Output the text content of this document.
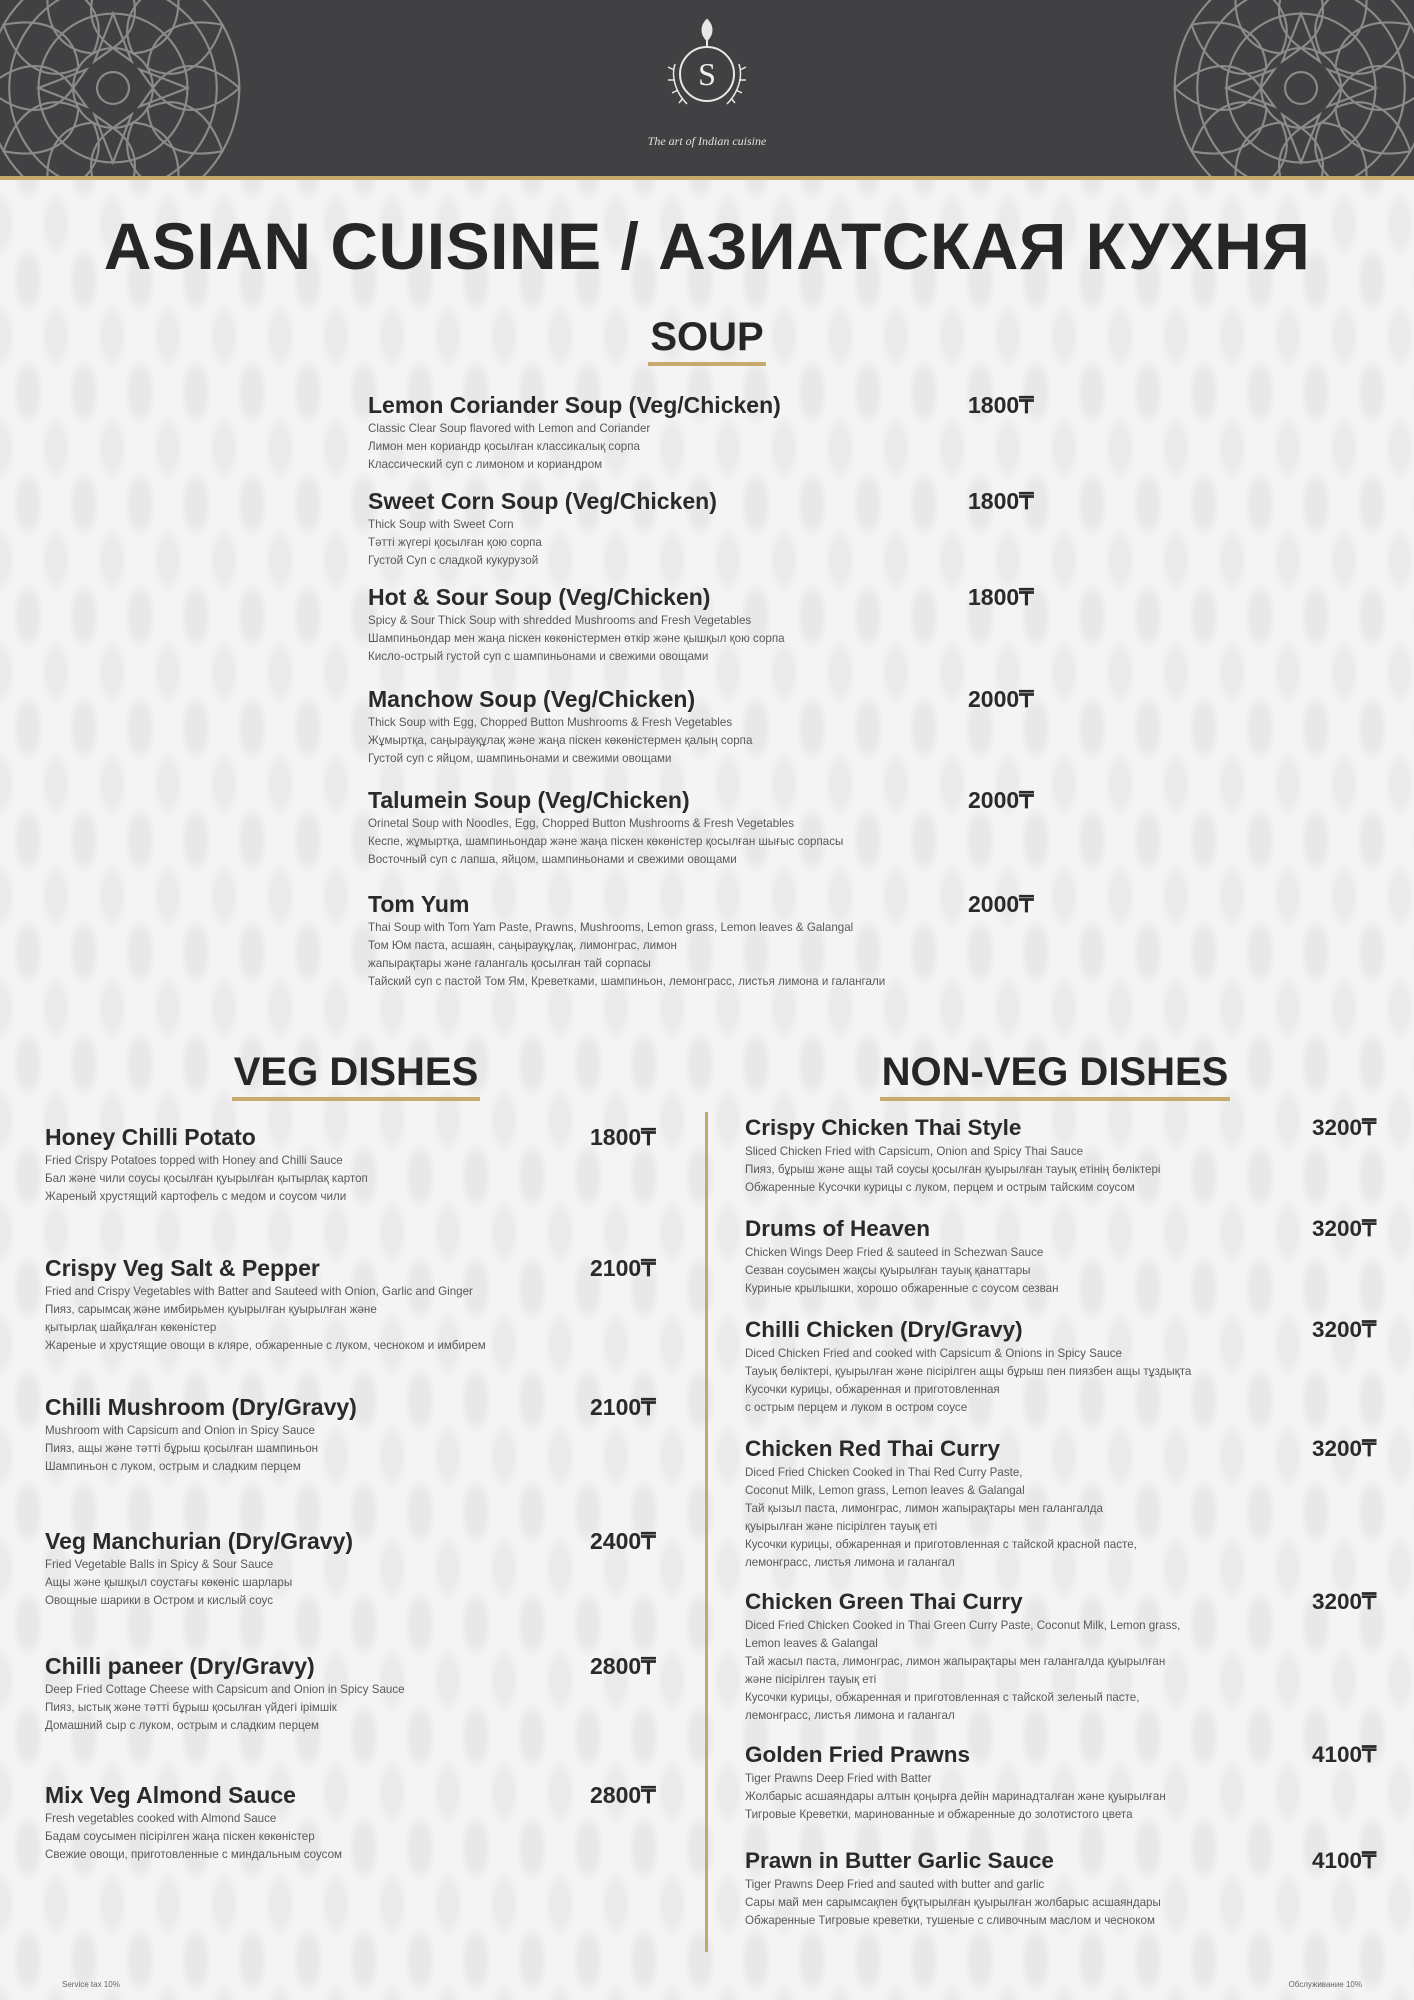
S
The art of Indian cuisine
ASIAN CUISINE / АЗИАТСКАЯ КУХНЯ
SOUP
Lemon Coriander Soup (Veg/Chicken)	1800₸
Classic Clear Soup flavored with Lemon and Coriander
Лимон мен кориандр қосылған классикалық сорпа
Классический суп с лимоном и кориандром
Sweet Corn Soup (Veg/Chicken)	1800₸
Thick Soup with Sweet Corn
Тәтті жүгері қосылған қою сорпа
Густой Суп с сладкой кукурузой
Hot & Sour Soup (Veg/Chicken)	1800₸
Spicy & Sour Thick Soup with shredded Mushrooms and Fresh Vegetables
Шампиньондар мен жаңа піскен көкөністермен өткір және қышқыл қою сорпа
Кисло-острый густой суп с шампиньонами и свежими овощами
Manchow Soup (Veg/Chicken)	2000₸
Thick Soup with Egg, Chopped Button Mushrooms & Fresh Vegetables
Жұмыртқа, саңырауқұлақ және жаңа піскен көкөністермен қалың сорпа
Густой суп с яйцом, шампиньонами и свежими овощами
Talumein Soup (Veg/Chicken)	2000₸
Orinetal Soup with Noodles, Egg, Chopped Button Mushrooms & Fresh Vegetables
Кеспе, жұмыртқа, шампиньондар және жаңа піскен көкөністер қосылған шығыс сорпасы
Восточный суп с лапша, яйцом, шампиньонами и свежими овощами
Tom Yum	2000₸
Thai Soup with Tom Yam Paste, Prawns, Mushrooms, Lemon grass, Lemon leaves & Galangal
Том Юм паста, асшаян, саңырауқұлақ, лимонграс, лимон
жапырақтары және галангаль қосылған тай сорпасы
Тайский суп с пастой Том Ям, Креветками, шампиньон, лемонграсс, листья лимона и галангали
VEG DISHES	NON-VEG DISHES
Honey Chilli Potato	1800₸
Fried Crispy Potatoes topped with Honey and Chilli Sauce
Бал және чили соусы қосылған қуырылған қытырлақ картоп
Жареный хрустящий картофель с медом и соусом чили
Crispy Veg Salt & Pepper	2100₸
Fried and Crispy Vegetables with Batter and Sauteed with Onion, Garlic and Ginger
Пияз, сарымсақ және имбирьмен қуырылған қуырылған және
қытырлақ шайқалған көкөністер
Жареные и хрустящие овощи в кляре, обжаренные с луком, чесноком и имбирем
Chilli Mushroom (Dry/Gravy)	2100₸
Mushroom with Capsicum and Onion in Spicy Sauce
Пияз, ащы және тәтті бұрыш қосылған шампиньон
Шампиньон с луком, острым и сладким перцем
Veg Manchurian (Dry/Gravy)	2400₸
Fried Vegetable Balls in Spicy & Sour Sauce
Ащы және қышқыл соустағы көкөніс шарлары
Овощные шарики в Остром и кислый соус
Chilli paneer (Dry/Gravy)	2800₸
Deep Fried Cottage Cheese with Capsicum and Onion in Spicy Sauce
Пияз, ыстық және тәтті бұрыш қосылған үйдегі ірімшік
Домашний сыр с луком, острым и сладким перцем
Mix Veg Almond Sauce	2800₸
Fresh vegetables cooked with Almond Sauce
Бадам соусымен пісірілген жаңа піскен көкөністер
Свежие овощи, приготовленные с миндальным соусом
Crispy Chicken Thai Style	3200₸
Sliced Chicken Fried with Capsicum, Onion and Spicy Thai Sauce
Пияз, бұрыш және ащы тай соусы қосылған қуырылған тауық етінің бөліктері
Обжаренные Кусочки курицы с луком, перцем и острым тайским соусом
Drums of Heaven	3200₸
Chicken Wings Deep Fried & sauteed in Schezwan Sauce
Сезван соусымен жақсы қуырылған тауық қанаттары
Куриные крылышки, хорошо обжаренные с соусом сезван
Chilli Chicken (Dry/Gravy)	3200₸
Diced Chicken Fried and cooked with Capsicum & Onions in Spicy Sauce
Тауық бөліктері, қуырылған және пісірілген ащы бұрыш пен пиязбен ащы тұздықта
Кусочки курицы, обжаренная и приготовленная
с острым перцем и луком в остром соусе
Chicken Red Thai Curry	3200₸
Diced Fried Chicken Cooked in Thai Red Curry Paste,
Coconut Milk, Lemon grass, Lemon leaves & Galangal
Тай қызыл паста, лимонграс, лимон жапырақтары мен галангалда
қуырылған және пісірілген тауық еті
Кусочки курицы, обжаренная и приготовленная с тайской красной пасте,
лемонграсс, листья лимона и галангал
Chicken Green Thai Curry	3200₸
Diced Fried Chicken Cooked in Thai Green Curry Paste, Coconut Milk, Lemon grass,
Lemon leaves & Galangal
Тай жасыл паста, лимонграс, лимон жапырақтары мен галангалда қуырылған
және пісірілген тауық еті
Кусочки курицы, обжаренная и приготовленная с тайской зеленый пасте,
лемонграсс, листья лимона и галангал
Golden Fried Prawns	4100₸
Tiger Prawns Deep Fried with Batter
Жолбарыс асшаяндары алтын қоңырға дейін маринадталған және қуырылған
Тигровые Креветки, маринованные и обжаренные до золотистого цвета
Prawn in Butter Garlic Sauce	4100₸
Tiger Prawns Deep Fried and sauted with butter and garlic
Сары май мен сарымсақпен бұқтырылған қуырылған жолбарыс асшаяндары
Обжаренные Тигровые креветки, тушеные с сливочным маслом и чесноком
Service tax 10%	Обслуживание 10%
